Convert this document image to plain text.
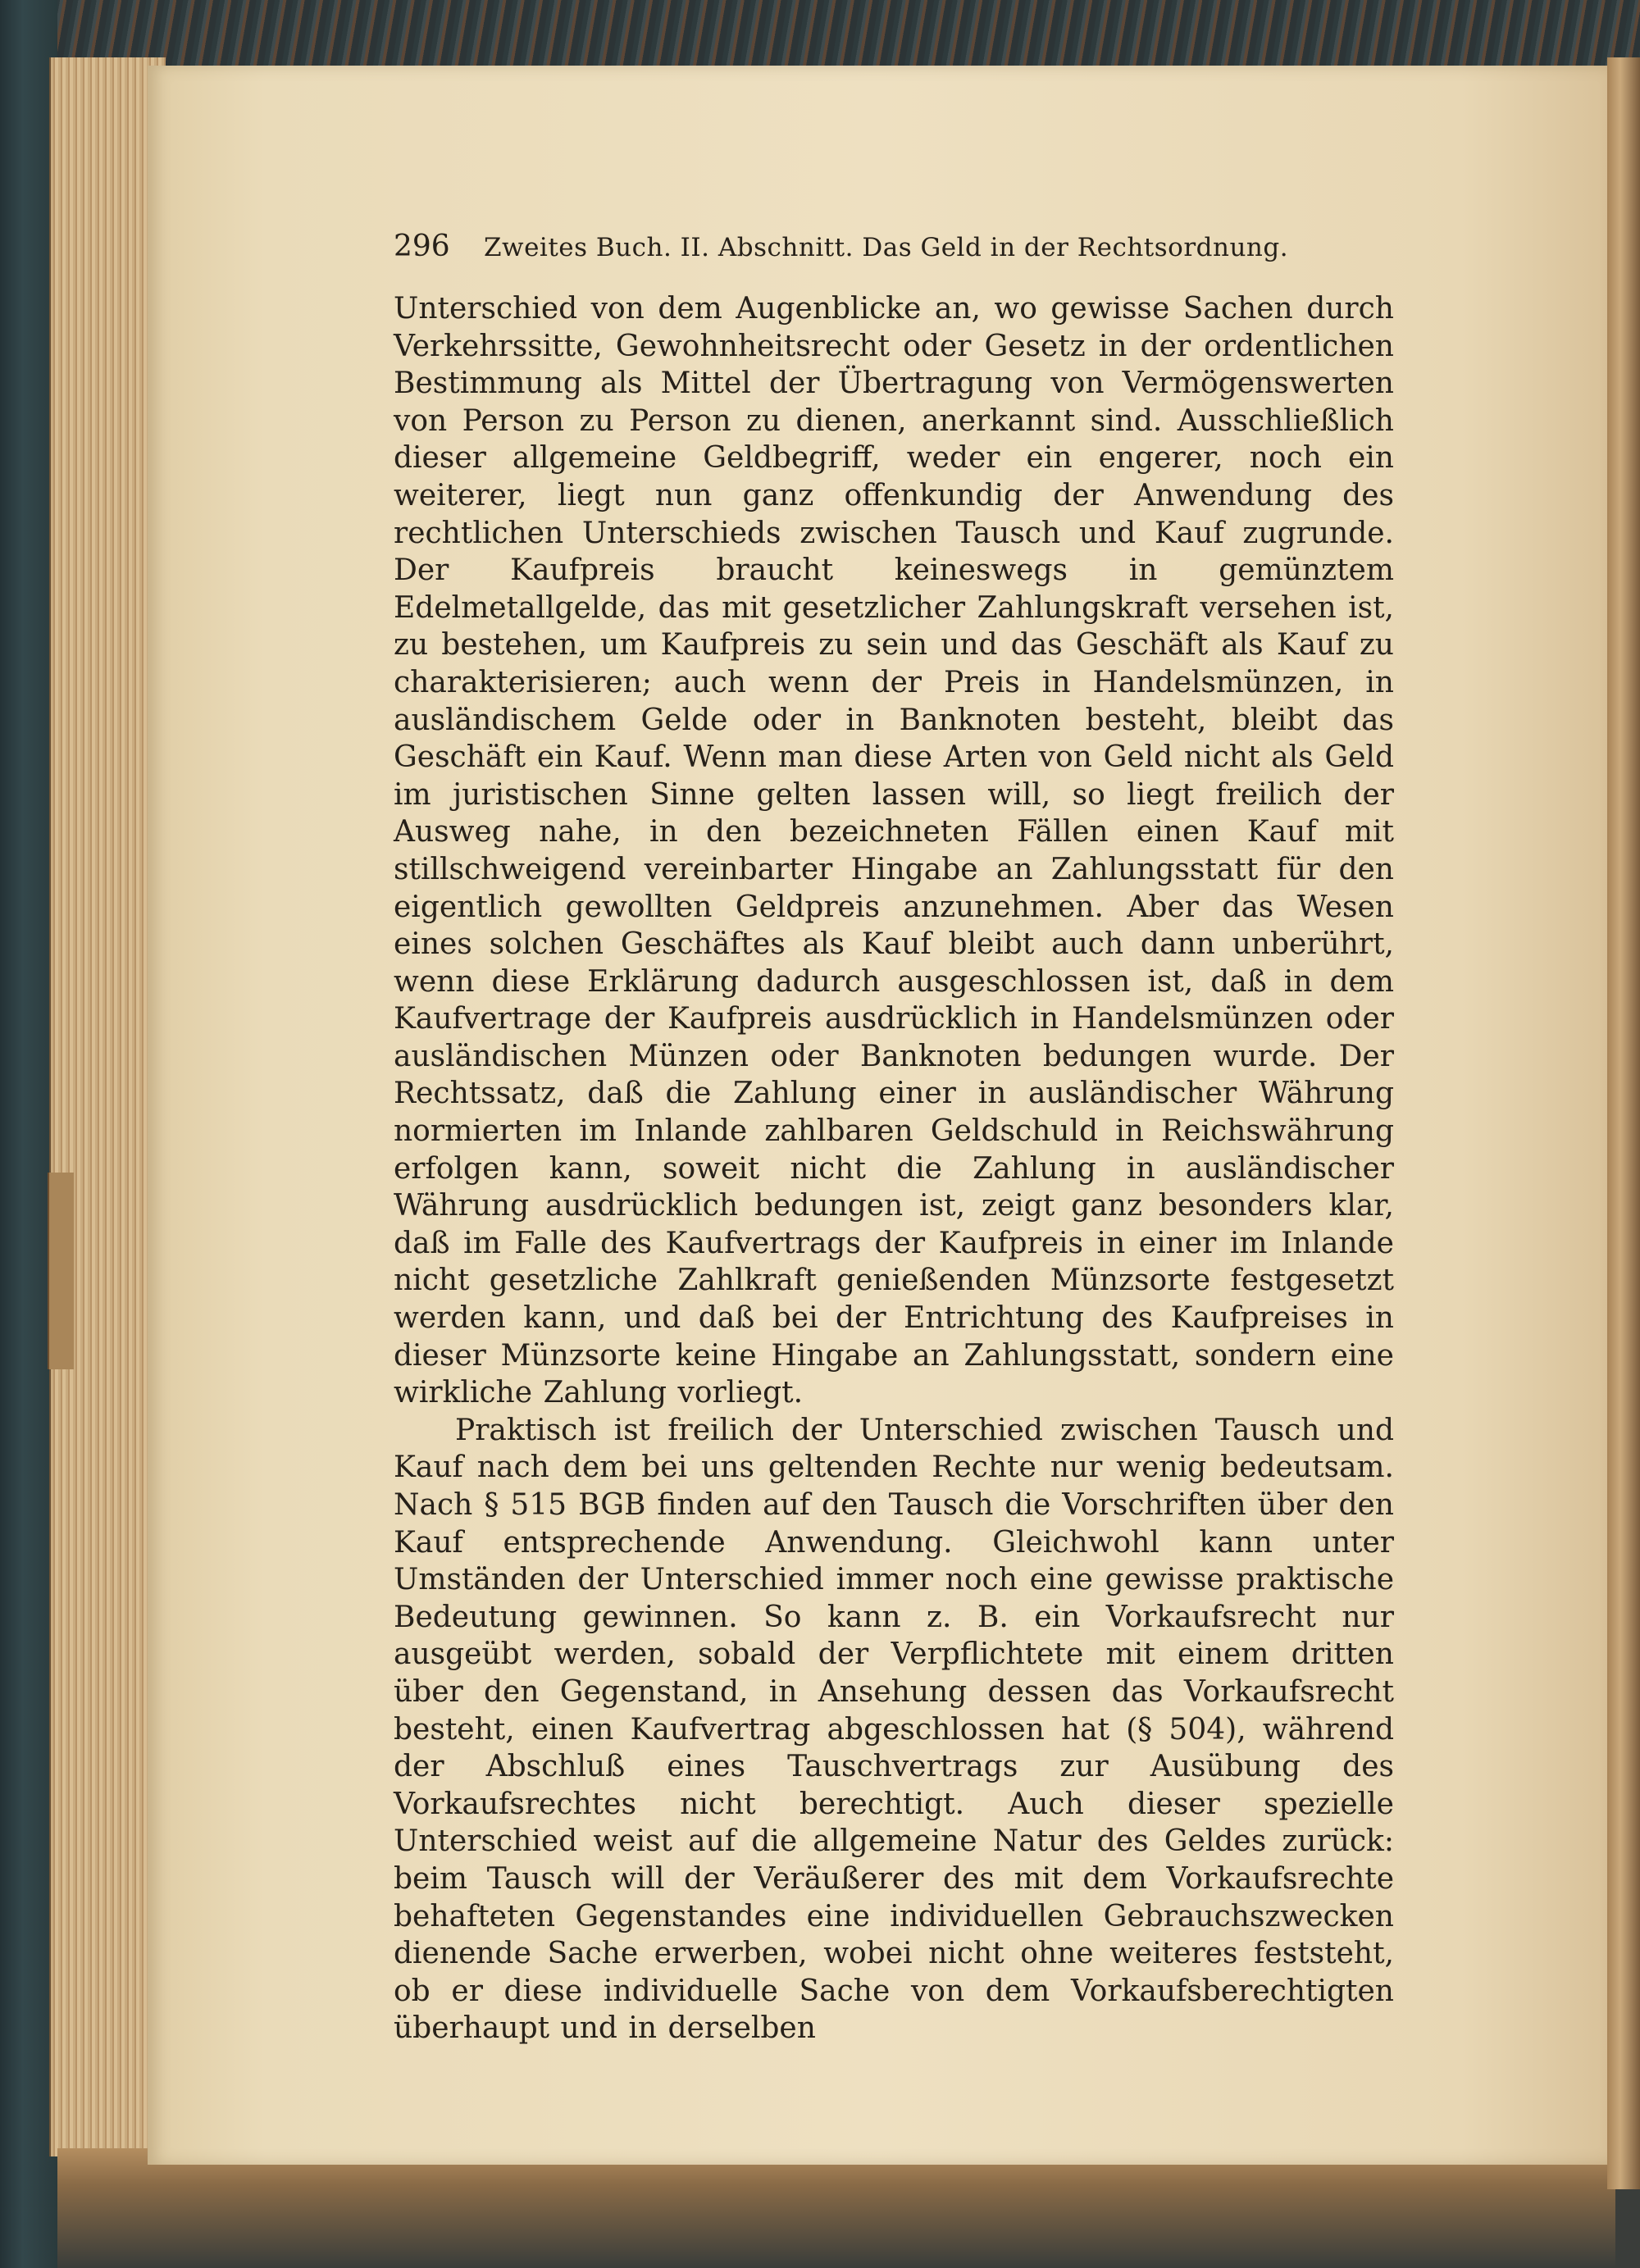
296	Zweites Buch. II. Abschnitt. Das Geld in der Rechtsordnung.

Unterschied von dem Augenblicke an, wo gewisse Sachen durch Verkehrssitte, Gewohnheitsrecht oder Gesetz in der ordentlichen Bestimmung als Mittel der Übertragung von Vermögenswerten von Person zu Person zu dienen, anerkannt sind. Ausschließlich dieser allgemeine Geldbegriff, weder ein engerer, noch ein weiterer, liegt nun ganz offenkundig der Anwendung des rechtlichen Unterschieds zwischen Tausch und Kauf zugrunde. Der Kaufpreis braucht keineswegs in gemünztem Edelmetallgelde, das mit gesetzlicher Zahlungskraft versehen ist, zu bestehen, um Kaufpreis zu sein und das Geschäft als Kauf zu charakterisieren; auch wenn der Preis in Handelsmünzen, in ausländischem Gelde oder in Banknoten besteht, bleibt das Geschäft ein Kauf. Wenn man diese Arten von Geld nicht als Geld im juristischen Sinne gelten lassen will, so liegt freilich der Ausweg nahe, in den bezeichneten Fällen einen Kauf mit stillschweigend vereinbarter Hingabe an Zahlungsstatt für den eigentlich gewollten Geldpreis anzunehmen. Aber das Wesen eines solchen Geschäftes als Kauf bleibt auch dann unberührt, wenn diese Erklärung dadurch ausgeschlossen ist, daß in dem Kaufvertrage der Kaufpreis ausdrücklich in Handelsmünzen oder ausländischen Münzen oder Banknoten bedungen wurde. Der Rechtssatz, daß die Zahlung einer in ausländischer Währung normierten im Inlande zahlbaren Geldschuld in Reichswährung erfolgen kann, soweit nicht die Zahlung in ausländischer Währung ausdrücklich bedungen ist, zeigt ganz besonders klar, daß im Falle des Kaufvertrags der Kaufpreis in einer im Inlande nicht gesetzliche Zahlkraft genießenden Münzsorte festgesetzt werden kann, und daß bei der Entrichtung des Kaufpreises in dieser Münzsorte keine Hingabe an Zahlungsstatt, sondern eine wirkliche Zahlung vorliegt.

Praktisch ist freilich der Unterschied zwischen Tausch und Kauf nach dem bei uns geltenden Rechte nur wenig bedeutsam. Nach § 515 BGB finden auf den Tausch die Vorschriften über den Kauf entsprechende Anwendung. Gleichwohl kann unter Umständen der Unterschied immer noch eine gewisse praktische Bedeutung gewinnen. So kann z. B. ein Vorkaufsrecht nur ausgeübt werden, sobald der Verpflichtete mit einem dritten über den Gegenstand, in Ansehung dessen das Vorkaufsrecht besteht, einen Kaufvertrag abgeschlossen hat (§ 504), während der Abschluß eines Tauschvertrags zur Ausübung des Vorkaufsrechtes nicht berechtigt. Auch dieser spezielle Unterschied weist auf die allgemeine Natur des Geldes zurück: beim Tausch will der Veräußerer des mit dem Vorkaufsrechte behafteten Gegenstandes eine individuellen Gebrauchszwecken dienende Sache erwerben, wobei nicht ohne weiteres feststeht, ob er diese individuelle Sache von dem Vorkaufsberechtigten überhaupt und in derselben
